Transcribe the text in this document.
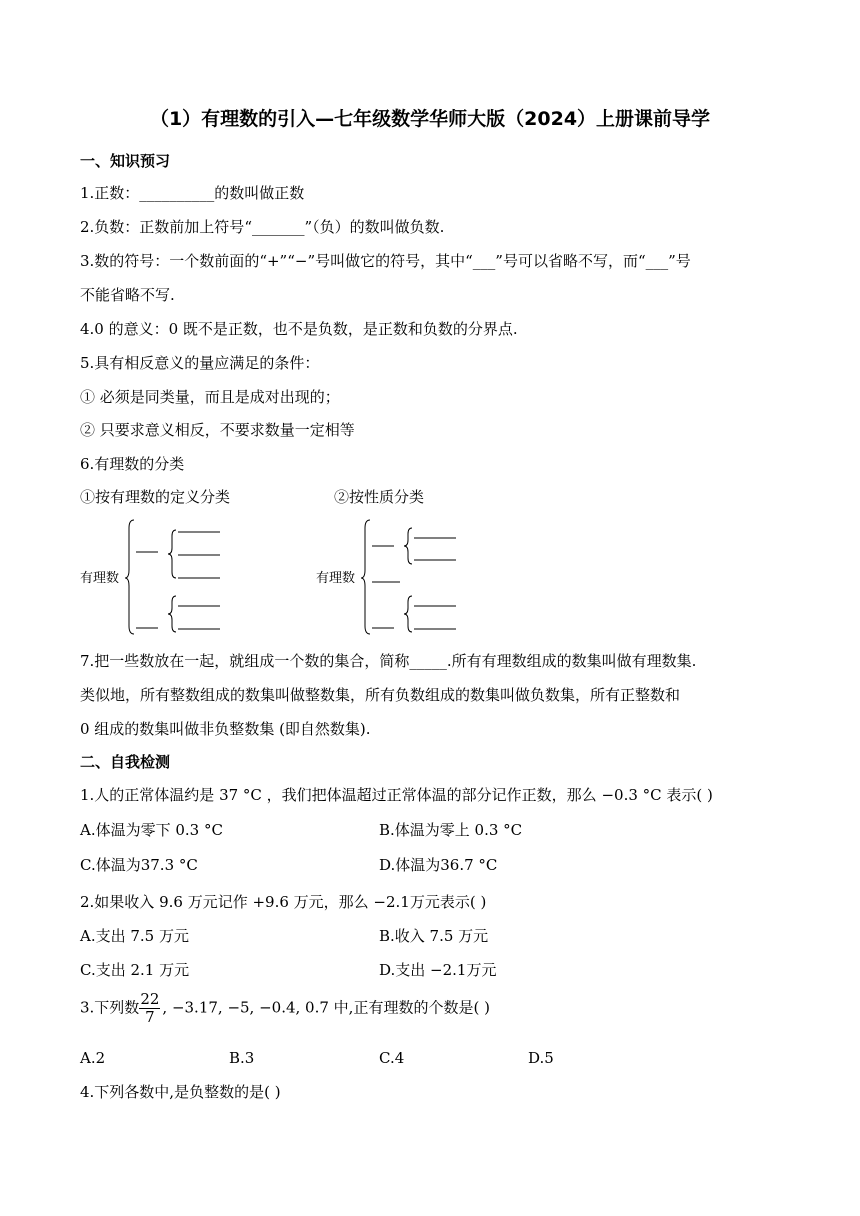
（1）有理数的引入—七年级数学华师大版（2024）上册课前导学
一、知识预习
1.正数：__________的数叫做正数
2.负数：正数前加上符号“_______”（负）的数叫做负数.
3.数的符号：一个数前面的“+”“−”号叫做它的符号，其中“___”号可以省略不写，而“___”号
不能省略不写.
4.0 的意义：0 既不是正数，也不是负数，是正数和负数的分界点.
5.具有相反意义的量应满足的条件：
① 必须是同类量，而且是成对出现的；
② 只要求意义相反，不要求数量一定相等
6.有理数的分类
①按有理数的定义分类	②按性质分类
有理数	有理数
7.把一些数放在一起，就组成一个数的集合，简称_____.所有有理数组成的数集叫做有理数集.
类似地，所有整数组成的数集叫做整数集，所有负数组成的数集叫做负数集，所有正整数和
0 组成的数集叫做非负整数集 (即自然数集).
二、自我检测
1.人的正常体温约是 37 °C ，我们把体温超过正常体温的部分记作正数，那么 −0.3 °C 表示( )
A.体温为零下 0.3 °C	B.体温为零上 0.3 °C
C.体温为37.3 °C	D.体温为36.7 °C
2.如果收入 9.6 万元记作 +9.6 万元，那么 −2.1万元表示( )
A.支出 7.5 万元	B.收入 7.5 万元
C.支出 2.1 万元	D.支出 −2.1万元
3.下列数 $\frac{22}{7}$ , −3.17, −5, −0.4, 0.7 中,正有理数的个数是( )
A.2	B.3	C.4	D.5
4.下列各数中,是负整数的是( )
